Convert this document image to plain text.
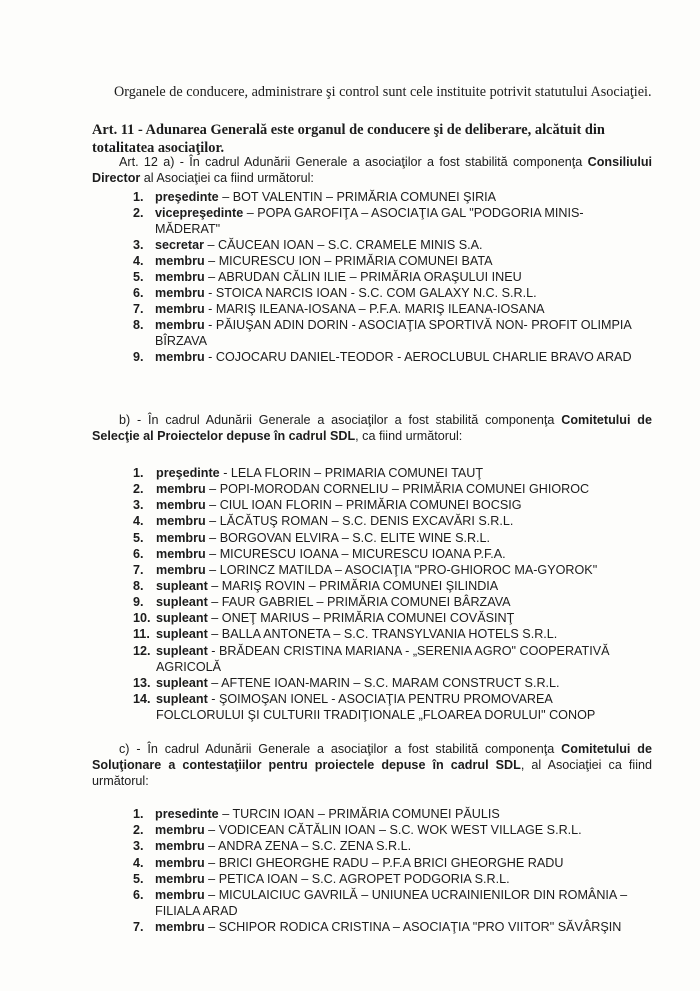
Organele de conducere, administrare şi control sunt cele instituite potrivit statutului Asociaţiei.
Art. 11 - Adunarea Generală este organul de conducere şi de deliberare, alcătuit din totalitatea asociaţilor.
Art. 12 a) - În cadrul Adunării Generale a asociaţilor a fost stabilită componenţa Consiliului Director al Asociaţiei ca fiind următorul:
1. preşedinte – BOT VALENTIN – PRIMĂRIA COMUNEI ŞIRIA
2. vicepreşedinte – POPA GAROFIŢA – ASOCIAŢIA GAL "PODGORIA MINIS-MĂDERAT"
3. secretar – CĂUCEAN IOAN – S.C. CRAMELE MINIS S.A.
4. membru – MICURESCU ION – PRIMĂRIA COMUNEI BATA
5. membru – ABRUDAN CĂLIN ILIE – PRIMĂRIA ORAŞULUI INEU
6. membru - STOICA NARCIS IOAN - S.C. COM GALAXY N.C. S.R.L.
7. membru - MARIŞ ILEANA-IOSANA – P.F.A. MARIŞ ILEANA-IOSANA
8. membru - PĂIUŞAN ADIN DORIN - ASOCIAŢIA SPORTIVĂ NON- PROFIT OLIMPIA BÎRZAVA
9. membru - COJOCARU DANIEL-TEODOR - AEROCLUBUL CHARLIE BRAVO ARAD
b) - În cadrul Adunării Generale a asociaţilor a fost stabilită componenţa Comitetului de Selecţie al Proiectelor depuse în cadrul SDL, ca fiind următorul:
1. preşedinte - LELA FLORIN – PRIMARIA COMUNEI TAUŢ
2. membru – POPI-MORODAN CORNELIU – PRIMĂRIA COMUNEI GHIOROC
3. membru – CIUL IOAN FLORIN – PRIMĂRIA COMUNEI BOCSIG
4. membru – LĂCĂTUŞ ROMAN – S.C. DENIS EXCAVĂRI S.R.L.
5. membru – BORGOVAN ELVIRA – S.C. ELITE WINE S.R.L.
6. membru – MICURESCU IOANA – MICURESCU IOANA P.F.A.
7. membru – LORINCZ MATILDA – ASOCIAŢIA "PRO-GHIOROC MA-GYOROK"
8. supleant – MARIŞ ROVIN – PRIMĂRIA COMUNEI ŞILINDIA
9. supleant – FAUR GABRIEL – PRIMĂRIA COMUNEI BÂRZAVA
10. supleant – ONEŢ MARIUS – PRIMĂRIA COMUNEI COVĂSINŢ
11. supleant – BALLA ANTONETA – S.C. TRANSYLVANIA HOTELS S.R.L.
12. supleant - BRĂDEAN CRISTINA MARIANA - „SERENIA AGRO" COOPERATIVĂ AGRICOLĂ
13. supleant – AFTENE IOAN-MARIN – S.C. MARAM CONSTRUCT S.R.L.
14. supleant - ŞOIMOŞAN IONEL - ASOCIAŢIA PENTRU PROMOVAREA FOLCLORULUI ŞI CULTURII TRADIŢIONALE „FLOAREA DORULUI" CONOP
c) - În cadrul Adunării Generale a asociaţilor a fost stabilită componenţa Comitetului de Soluţionare a contestaţiilor pentru proiectele depuse în cadrul SDL, al Asociaţiei ca fiind următorul:
1. presedinte – TURCIN IOAN – PRIMĂRIA COMUNEI PĂULIS
2. membru – VODICEAN CĂTĂLIN IOAN – S.C. WOK WEST VILLAGE S.R.L.
3. membru – ANDRA ZENA – S.C. ZENA S.R.L.
4. membru – BRICI GHEORGHE RADU – P.F.A BRICI GHEORGHE RADU
5. membru – PETICA IOAN – S.C. AGROPET PODGORIA S.R.L.
6. membru – MICULAICIUC GAVRILĂ – UNIUNEA UCRAINIENILOR DIN ROMÂNIA – FILIALA ARAD
7. membru – SCHIPOR RODICA CRISTINA – ASOCIAŢIA "PRO VIITOR" SĂVÂRŞIN
